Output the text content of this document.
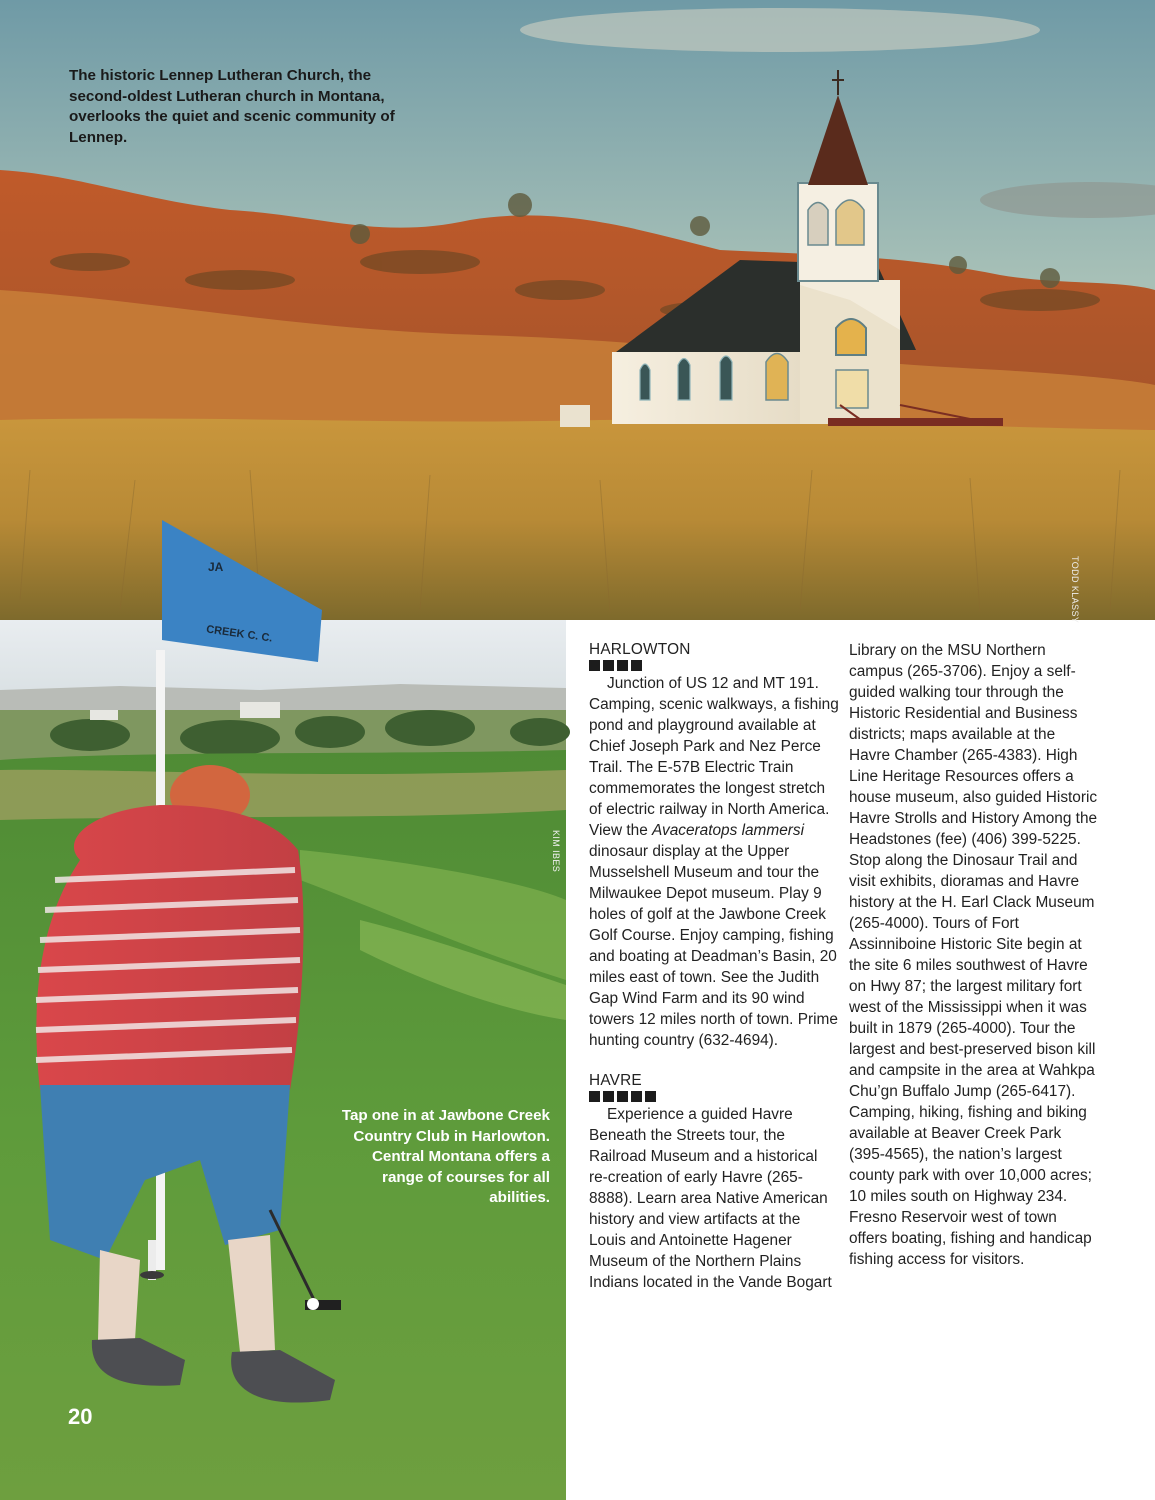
The historic Lennep Lutheran Church, the second-oldest Lutheran church in Montana, overlooks the quiet and scenic community of Lennep.

TODD KLASSY
JA
CREEK C. C.

Tap one in at Jawbone Creek Country Club in Harlowton. Central Montana offers a range of courses for all abilities.

KIM IBES
20
HARLOWTON

Junction of US 12 and MT 191. Camping, scenic walkways, a fishing pond and playground available at Chief Joseph Park and Nez Perce Trail. The E-57B Electric Train commemorates the longest stretch of electric railway in North America. View the Avaceratops lammersi dinosaur display at the Upper Musselshell Museum and tour the Milwaukee Depot museum. Play 9 holes of golf at the Jawbone Creek Golf Course. Enjoy camping, fishing and boating at Deadman’s Basin, 20 miles east of town. See the Judith Gap Wind Farm and its 90 wind towers 12 miles north of town. Prime hunting country (632-4694).

HAVRE

Experience a guided Havre Beneath the Streets tour, the Railroad Museum and a historical re-creation of early Havre (265-8888). Learn area Native American history and view artifacts at the Louis and Antoinette Hagener Museum of the Northern Plains Indians located in the Vande Bogart

Library on the MSU Northern campus (265-3706). Enjoy a self-guided walking tour through the Historic Residential and Business districts; maps available at the Havre Chamber (265-4383). High Line Heritage Resources offers a house museum, also guided Historic Havre Strolls and History Among the Headstones (fee) (406) 399-5225. Stop along the Dinosaur Trail and visit exhibits, dioramas and Havre history at the H. Earl Clack Museum (265-4000). Tours of Fort Assinniboine Historic Site begin at the site 6 miles southwest of Havre on Hwy 87; the largest military fort west of the Mississippi when it was built in 1879 (265-4000). Tour the largest and best-preserved bison kill and campsite in the area at Wahkpa Chu’gn Buffalo Jump (265-6417). Camping, hiking, fishing and biking available at Beaver Creek Park (395-4565), the nation’s largest county park with over 10,000 acres; 10 miles south on Highway 234. Fresno Reservoir west of town offers boating, fishing and handicap fishing access for visitors.
